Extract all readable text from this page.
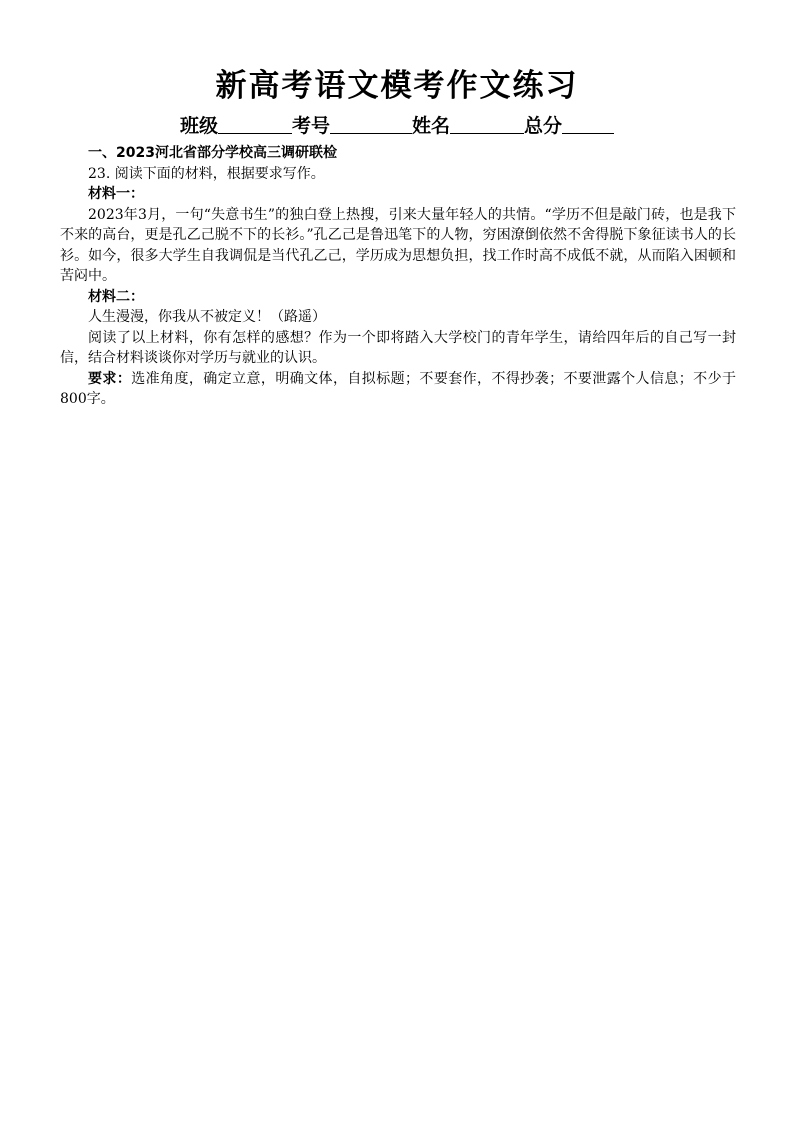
新高考语文模考作文练习
班级	考号	姓名	总分

一、2023河北省部分学校高三调研联检

23. 阅读下面的材料，根据要求写作。

材料一：

2023年3月，一句“失意书生”的独白登上热搜，引来大量年轻人的共情。“学历不但是敲门砖，也是我下不来的高台，更是孔乙己脱不下的长衫。”孔乙己是鲁迅笔下的人物，穷困潦倒依然不舍得脱下象征读书人的长衫。如今，很多大学生自我调侃是当代孔乙己，学历成为思想负担，找工作时高不成低不就，从而陷入困顿和苦闷中。

材料二：

人生漫漫，你我从不被定义！（路遥）

阅读了以上材料，你有怎样的感想？作为一个即将踏入大学校门的青年学生，请给四年后的自己写一封信，结合材料谈谈你对学历与就业的认识。

要求：选准角度，确定立意，明确文体，自拟标题；不要套作，不得抄袭；不要泄露个人信息；不少于800字。
